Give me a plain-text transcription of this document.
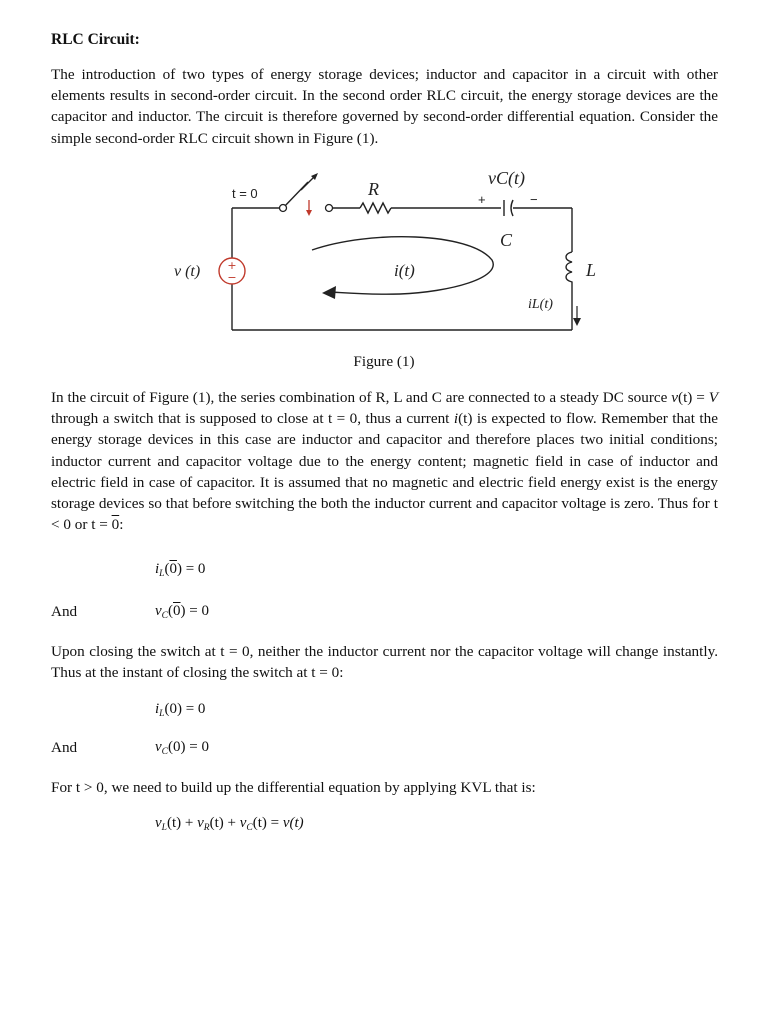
RLC Circuit:

The introduction of two types of energy storage devices; inductor and capacitor in a circuit with other elements results in second-order circuit. In the second order RLC circuit, the energy storage devices are the capacitor and inductor. The circuit is therefore governed by second-order differential equation. Consider the simple second-order RLC circuit shown in Figure (1).

+
−
t = 0	R
vC(t)
+	−
C
L
v (t)	i(t)
iL(t)
Figure (1)

In the circuit of Figure (1), the series combination of R, L and C are connected to a steady DC source v(t) = V through a switch that is supposed to close at t = 0, thus a current i(t) is expected to flow. Remember that the energy storage devices in this case are inductor and capacitor and therefore places two initial conditions; inductor current and capacitor voltage due to the energy content; magnetic field in case of inductor and electric field in case of capacitor. It is assumed that no magnetic and electric field energy exist is the energy storage devices so that before switching the both the inductor current and capacitor voltage is zero. Thus for t < 0 or t = 0:

$i_L(0) = 0$
And	$v_C(0) = 0$

Upon closing the switch at t = 0, neither the inductor current nor the capacitor voltage will change instantly. Thus at the instant of closing the switch at t = 0:

$i_L(0) = 0$
And	$v_C(0) = 0$

For t > 0, we need to build up the differential equation by applying KVL that is:

$v_L(t) + v_R(t) + v_C(t) = v(t)$
